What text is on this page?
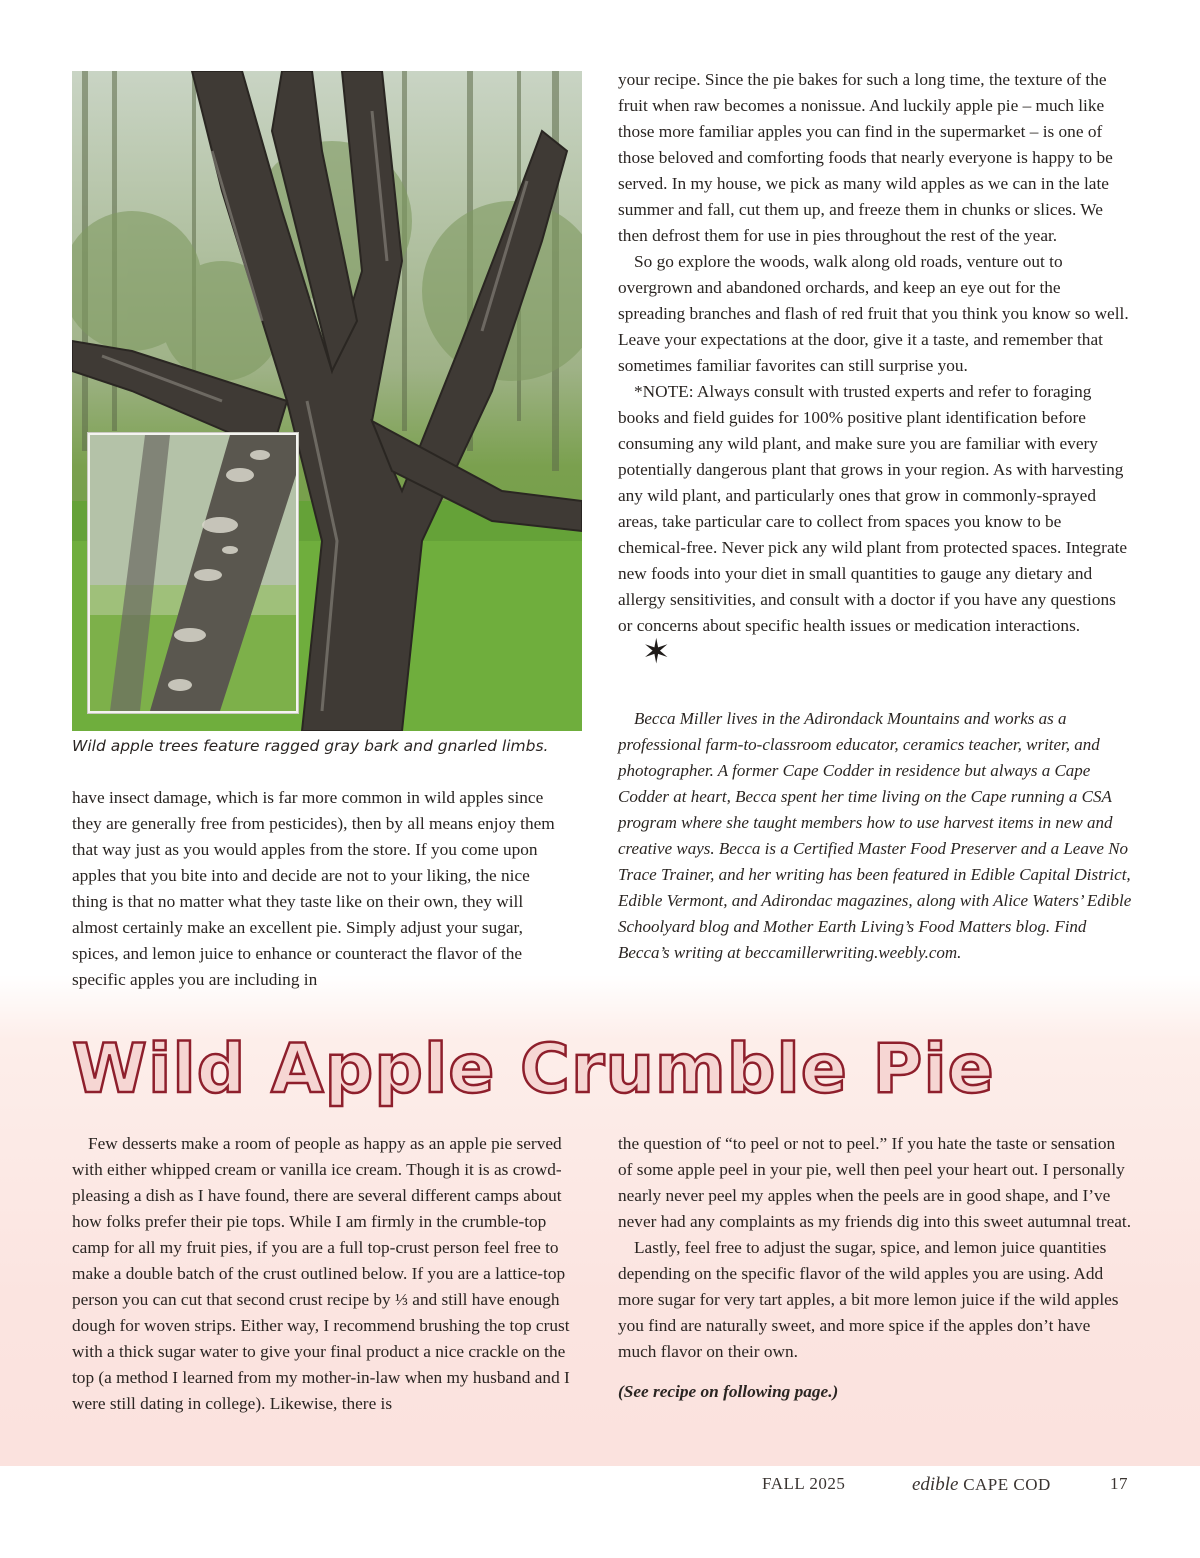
Wild apple trees feature ragged gray bark and gnarled limbs.

have insect damage, which is far more common in wild apples since they are generally free from pesticides), then by all means enjoy them that way just as you would apples from the store. If you come upon apples that you bite into and decide are not to your liking, the nice thing is that no matter what they taste like on their own, they will almost certainly make an excellent pie. Simply adjust your sugar, spices, and lemon juice to enhance or counteract the flavor of the specific apples you are including in

your recipe. Since the pie bakes for such a long time, the texture of the fruit when raw becomes a nonissue. And luckily apple pie – much like those more familiar apples you can find in the supermarket – is one of those beloved and comforting foods that nearly everyone is happy to be served. In my house, we pick as many wild apples as we can in the late summer and fall, cut them up, and freeze them in chunks or slices. We then defrost them for use in pies throughout the rest of the year.

So go explore the woods, walk along old roads, venture out to overgrown and abandoned orchards, and keep an eye out for the spreading branches and flash of red fruit that you think you know so well. Leave your expectations at the door, give it a taste, and remember that sometimes familiar favorites can still surprise you.

*NOTE: Always consult with trusted experts and refer to foraging books and field guides for 100% positive plant identification before consuming any wild plant, and make sure you are familiar with every potentially dangerous plant that grows in your region. As with harvesting any wild plant, and particularly ones that grow in commonly-sprayed areas, take particular care to collect from spaces you know to be chemical-free. Never pick any wild plant from protected spaces. Integrate new foods into your diet in small quantities to gauge any dietary and allergy sensitivities, and consult with a doctor if you have any questions or concerns about specific health issues or medication interactions.✶

Becca Miller lives in the Adirondack Mountains and works as a professional farm-to-classroom educator, ceramics teacher, writer, and photographer. A former Cape Codder in residence but always a Cape Codder at heart, Becca spent her time living on the Cape running a CSA program where she taught members how to use harvest items in new and creative ways. Becca is a Certified Master Food Preserver and a Leave No Trace Trainer, and her writing has been featured in Edible Capital District, Edible Vermont, and Adirondac magazines, along with Alice Waters’ Edible Schoolyard blog and Mother Earth Living’s Food Matters blog. Find Becca’s writing at beccamillerwriting.weebly.com.

Wild Apple Crumble Pie

Few desserts make a room of people as happy as an apple pie served with either whipped cream or vanilla ice cream. Though it is as crowd-pleasing a dish as I have found, there are several different camps about how folks prefer their pie tops. While I am firmly in the crumble-top camp for all my fruit pies, if you are a full top-crust person feel free to make a double batch of the crust outlined below. If you are a lattice-top person you can cut that second crust recipe by ⅓ and still have enough dough for woven strips. Either way, I recommend brushing the top crust with a thick sugar water to give your final product a nice crackle on the top (a method I learned from my mother-in-law when my husband and I were still dating in college). Likewise, there is

the question of “to peel or not to peel.” If you hate the taste or sensation of some apple peel in your pie, well then peel your heart out. I personally nearly never peel my apples when the peels are in good shape, and I’ve never had any complaints as my friends dig into this sweet autumnal treat.

Lastly, feel free to adjust the sugar, spice, and lemon juice quantities depending on the specific flavor of the wild apples you are using. Add more sugar for very tart apples, a bit more lemon juice if the wild apples you find are naturally sweet, and more spice if the apples don’t have much flavor on their own.

(See recipe on following page.)

FALL 2025	edible CAPE COD	17
